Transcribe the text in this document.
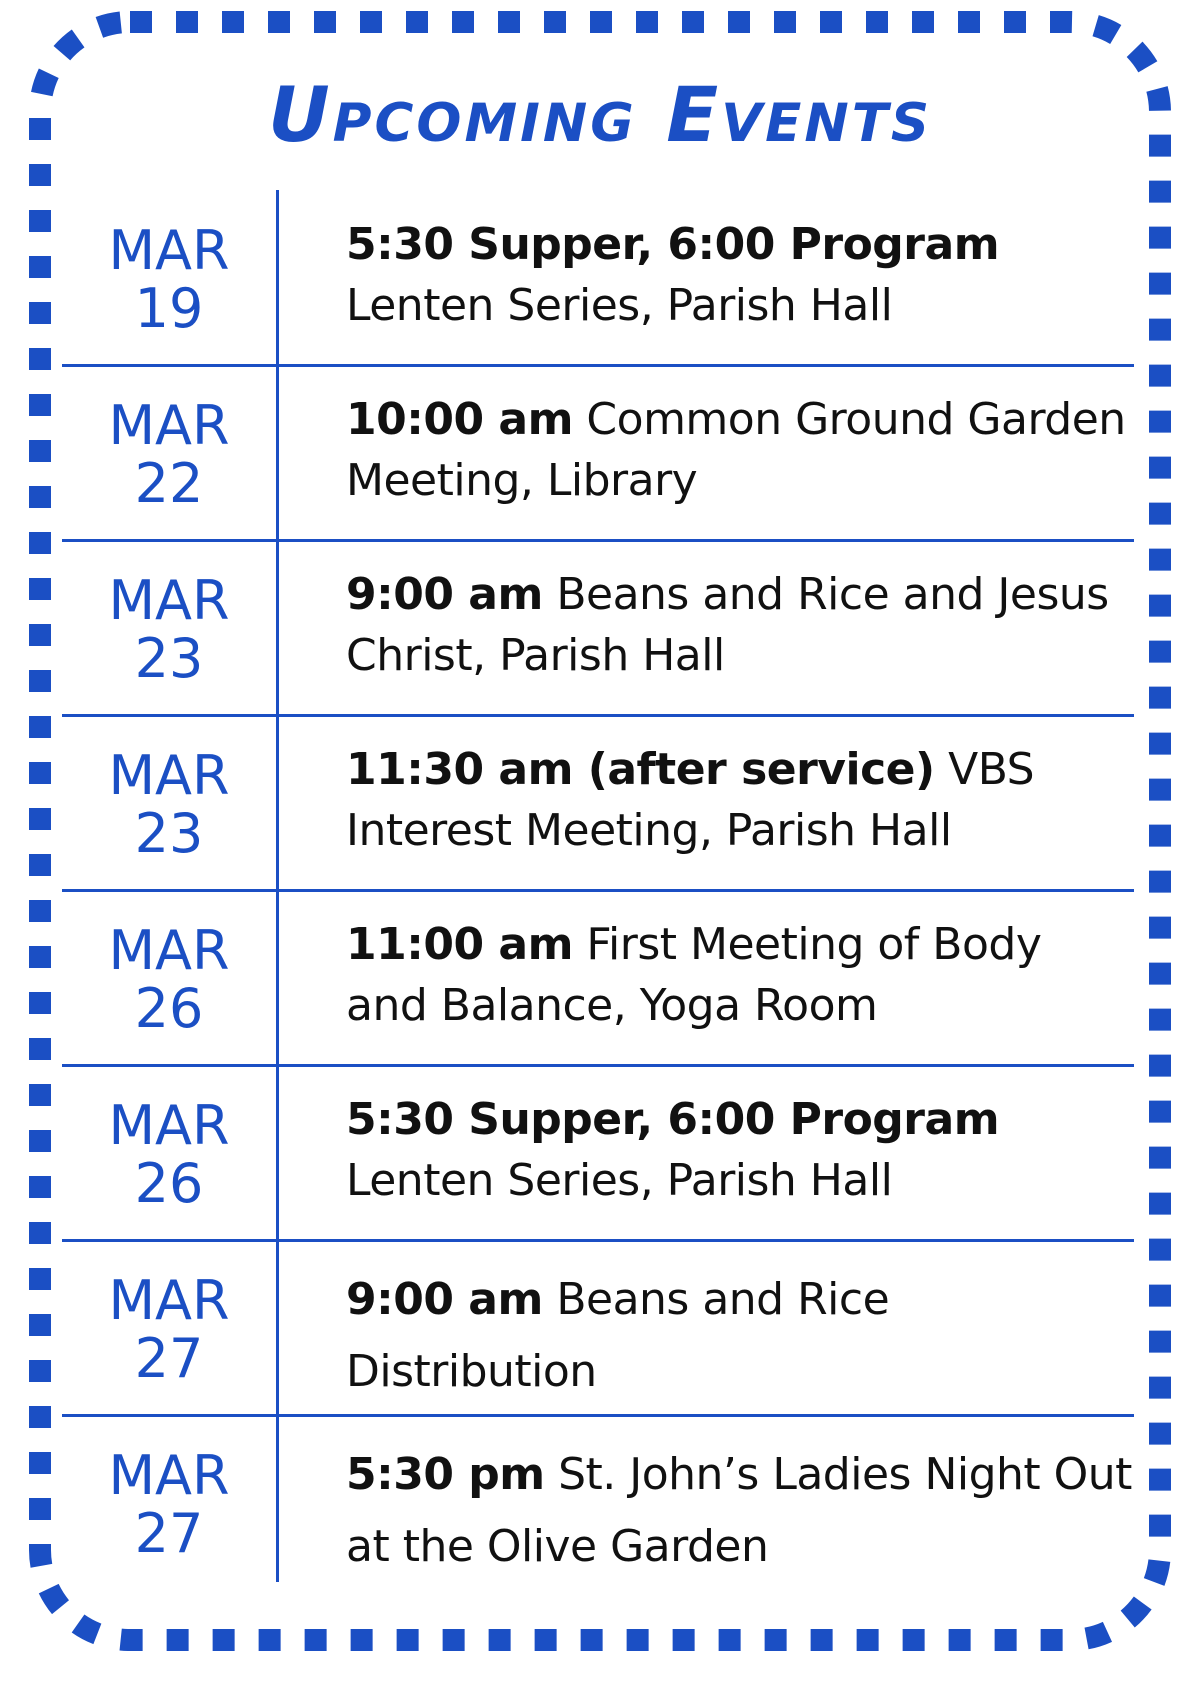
Upcoming Events
MAR
19
5:30 Supper, 6:00 Program Lenten Series, Parish Hall
MAR
22
10:00 am Common Ground Garden Meeting, Library
MAR
23
9:00 am Beans and Rice and Jesus Christ, Parish Hall
MAR
23
11:30 am (after service) VBS Interest Meeting, Parish Hall
MAR
26
11:00 am First Meeting of Body and Balance, Yoga Room
MAR
26
5:30 Supper, 6:00 Program Lenten Series, Parish Hall
MAR
27
9:00 am Beans and Rice Distribution
MAR
27
5:30 pm St. John’s Ladies Night Out at the Olive Garden
